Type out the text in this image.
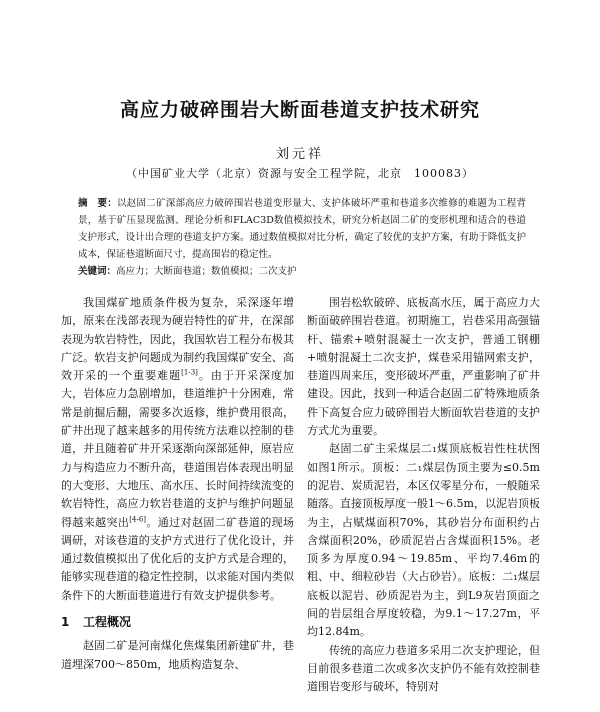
高应力破碎围岩大断面巷道支护技术研究
刘元祥
（中国矿业大学（北京）资源与安全工程学院，北京　100083）
摘　要：以赵固二矿深部高应力破碎围岩巷道变形量大、支护体破坏严重和巷道多次维修的难题为工程背景，基于矿压显现监测、理论分析和FLAC3D数值模拟技术，研究分析赵固二矿的变形机理和适合的巷道支护形式，设计出合理的巷道支护方案。通过数值模拟对比分析，确定了较优的支护方案，有助于降低支护成本，保证巷道断面尺寸，提高围岩的稳定性。
关键词：高应力；大断面巷道；数值模拟；二次支护

我国煤矿地质条件极为复杂，采深逐年增加，原来在浅部表现为硬岩特性的矿井，在深部表现为软岩特性，因此，我国软岩工程分布极其广泛。软岩支护问题成为制约我国煤矿安全、高效开采的一个重要难题[1-3]。由于开采深度加大，岩体应力急剧增加，巷道维护十分困难，常常是前掘后翻，需要多次返修，维护费用很高，矿井出现了越来越多的用传统方法难以控制的巷道，并且随着矿井开采逐渐向深部延伸，原岩应力与构造应力不断升高，巷道围岩体表现出明显的大变形、大地压、高水压、长时间持续流变的软岩特性，高应力软岩巷道的支护与维护问题显得越来越突出[4-6]。通过对赵固二矿巷道的现场调研，对该巷道的支护方式进行了优化设计，并通过数值模拟出了优化后的支护方式是合理的，能够实现巷道的稳定性控制，以求能对国内类似条件下的大断面巷道进行有效支护提供参考。

1 工程概况

赵固二矿是河南煤化焦煤集团新建矿井，巷道埋深700～850m，地质构造复杂、

围岩松软破碎、底板高水压，属于高应力大断面破碎围岩巷道。初期施工，岩巷采用高强锚杆、锚索+喷射混凝土一次支护，普通工钢棚+喷射混凝土二次支护，煤巷采用锚网索支护，巷道四周来压，变形破坏严重，严重影响了矿井建设。因此，找到一种适合赵固二矿特殊地质条件下高复合应力破碎围岩大断面软岩巷道的支护方式尤为重要。

赵固二矿主采煤层二₁煤顶底板岩性柱状图如图1所示。顶板：二₁煤层伪顶主要为≤0.5m的泥岩、炭质泥岩，本区仅零星分布，一般随采随落。直接顶板厚度一般1～6.5m，以泥岩顶板为主，占赋煤面积70%，其砂岩分布面积约占含煤面积20%，砂质泥岩占含煤面积15%。老顶多为厚度0.94～19.85m、平均7.46m的粗、中、细粒砂岩（大占砂岩）。底板：二₁煤层底板以泥岩、砂质泥岩为主，到L9灰岩顶面之间的岩层组合厚度较稳，为9.1～17.27m，平均12.84m。

传统的高应力巷道多采用二次支护理论，但目前很多巷道二次或多次支护仍不能有效控制巷道围岩变形与破坏，特别对
